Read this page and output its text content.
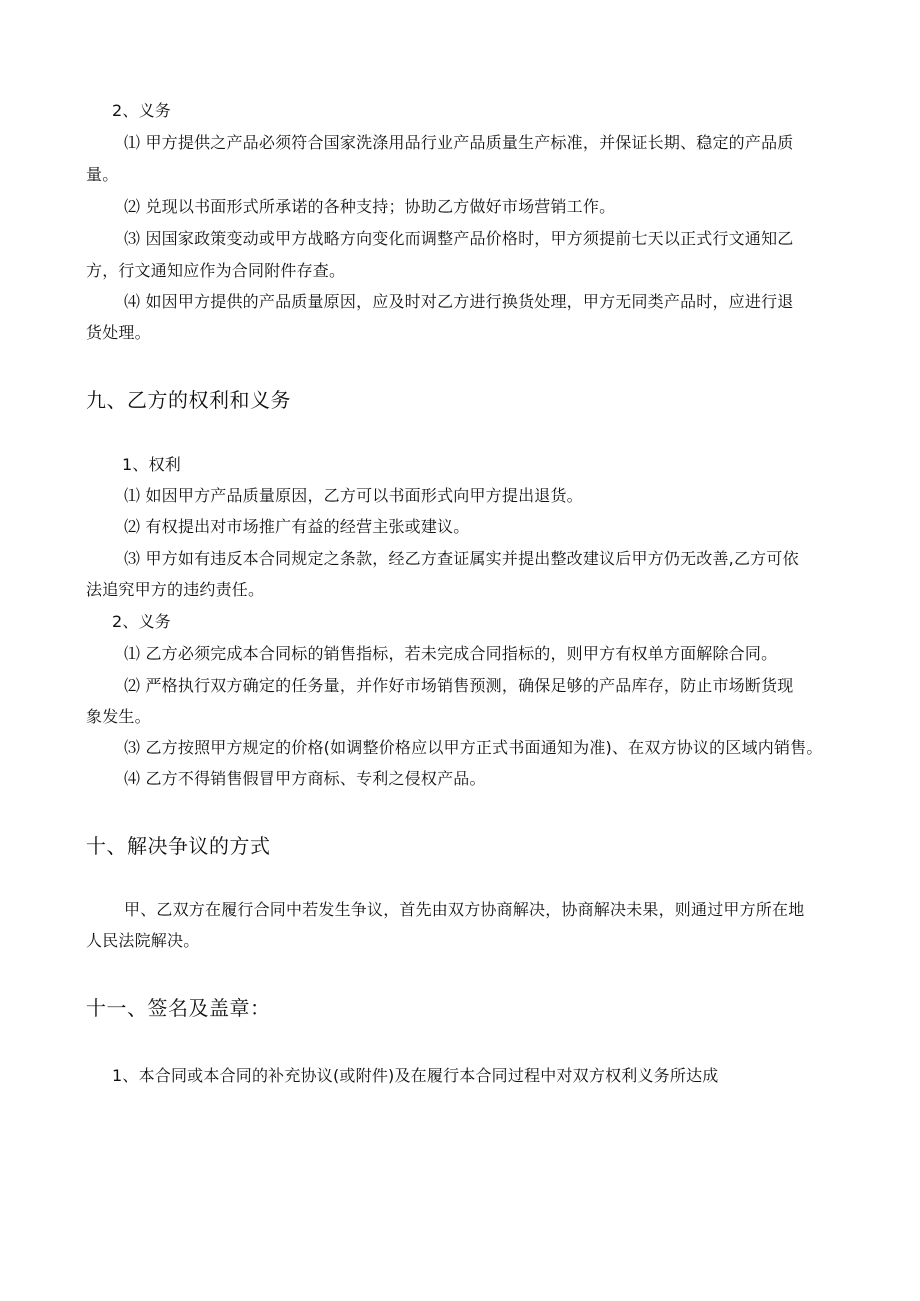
2、义务
⑴ 甲方提供之产品必须符合国家洗涤用品行业产品质量生产标准，并保证长期、稳定的产品质
量。
⑵ 兑现以书面形式所承诺的各种支持；协助乙方做好市场营销工作。
⑶ 因国家政策变动或甲方战略方向变化而调整产品价格时，甲方须提前七天以正式行文通知乙
方，行文通知应作为合同附件存查。
⑷ 如因甲方提供的产品质量原因，应及时对乙方进行换货处理，甲方无同类产品时，应进行退
货处理。
九、乙方的权利和义务
1、权利
⑴ 如因甲方产品质量原因，乙方可以书面形式向甲方提出退货。
⑵ 有权提出对市场推广有益的经营主张或建议。
⑶ 甲方如有违反本合同规定之条款，经乙方查证属实并提出整改建议后甲方仍无改善,乙方可依
法追究甲方的违约责任。
2、义务
⑴ 乙方必须完成本合同标的销售指标，若未完成合同指标的，则甲方有权单方面解除合同。
⑵ 严格执行双方确定的任务量，并作好市场销售预测，确保足够的产品库存，防止市场断货现
象发生。
⑶ 乙方按照甲方规定的价格(如调整价格应以甲方正式书面通知为准)、在双方协议的区域内销售。
⑷ 乙方不得销售假冒甲方商标、专利之侵权产品。
十、解决争议的方式
甲、乙双方在履行合同中若发生争议，首先由双方协商解决，协商解决未果，则通过甲方所在地
人民法院解决。
十一、签名及盖章：
1、本合同或本合同的补充协议(或附件)及在履行本合同过程中对双方权利义务所达成
